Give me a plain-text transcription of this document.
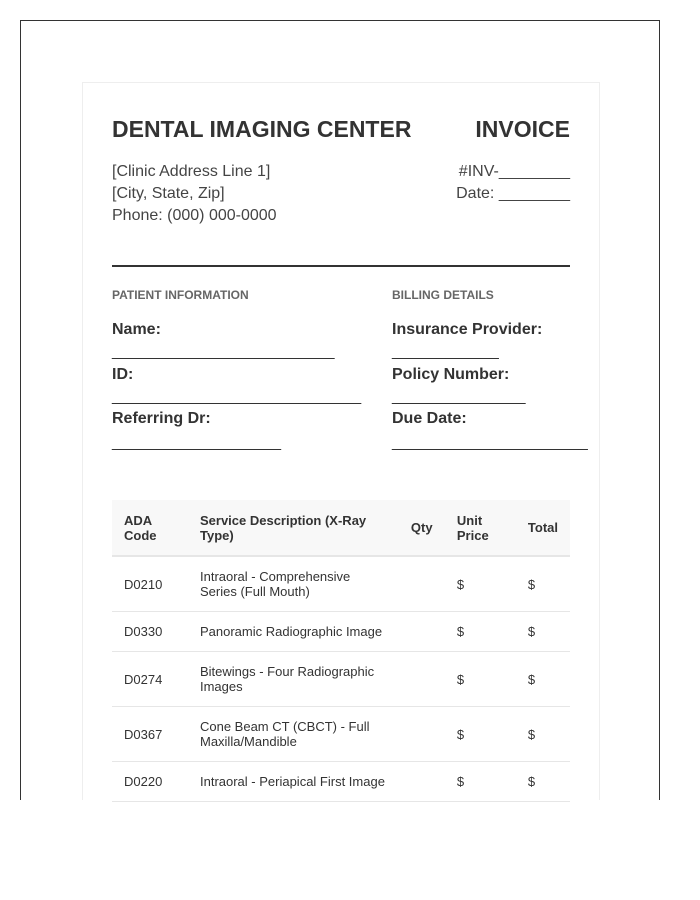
DENTAL IMAGING CENTER	INVOICE
[Clinic Address Line 1]
[City, State, Zip]
Phone: (000) 000-0000
#INV-________
Date: ________
PATIENT INFORMATION
Name:
_________________________
ID:
____________________________
Referring Dr:
___________________
BILLING DETAILS
Insurance Provider:
____________
Policy Number:
_______________
Due Date:
______________________
ADA Code	Service Description (X-Ray Type)	Qty	Unit Price	Total
D0210	Intraoral - Comprehensive Series (Full Mouth)		$	$
D0330	Panoramic Radiographic Image		$	$
D0274	Bitewings - Four Radiographic Images		$	$
D0367	Cone Beam CT (CBCT) - Full Maxilla/Mandible		$	$
D0220	Intraoral - Periapical First Image		$	$
